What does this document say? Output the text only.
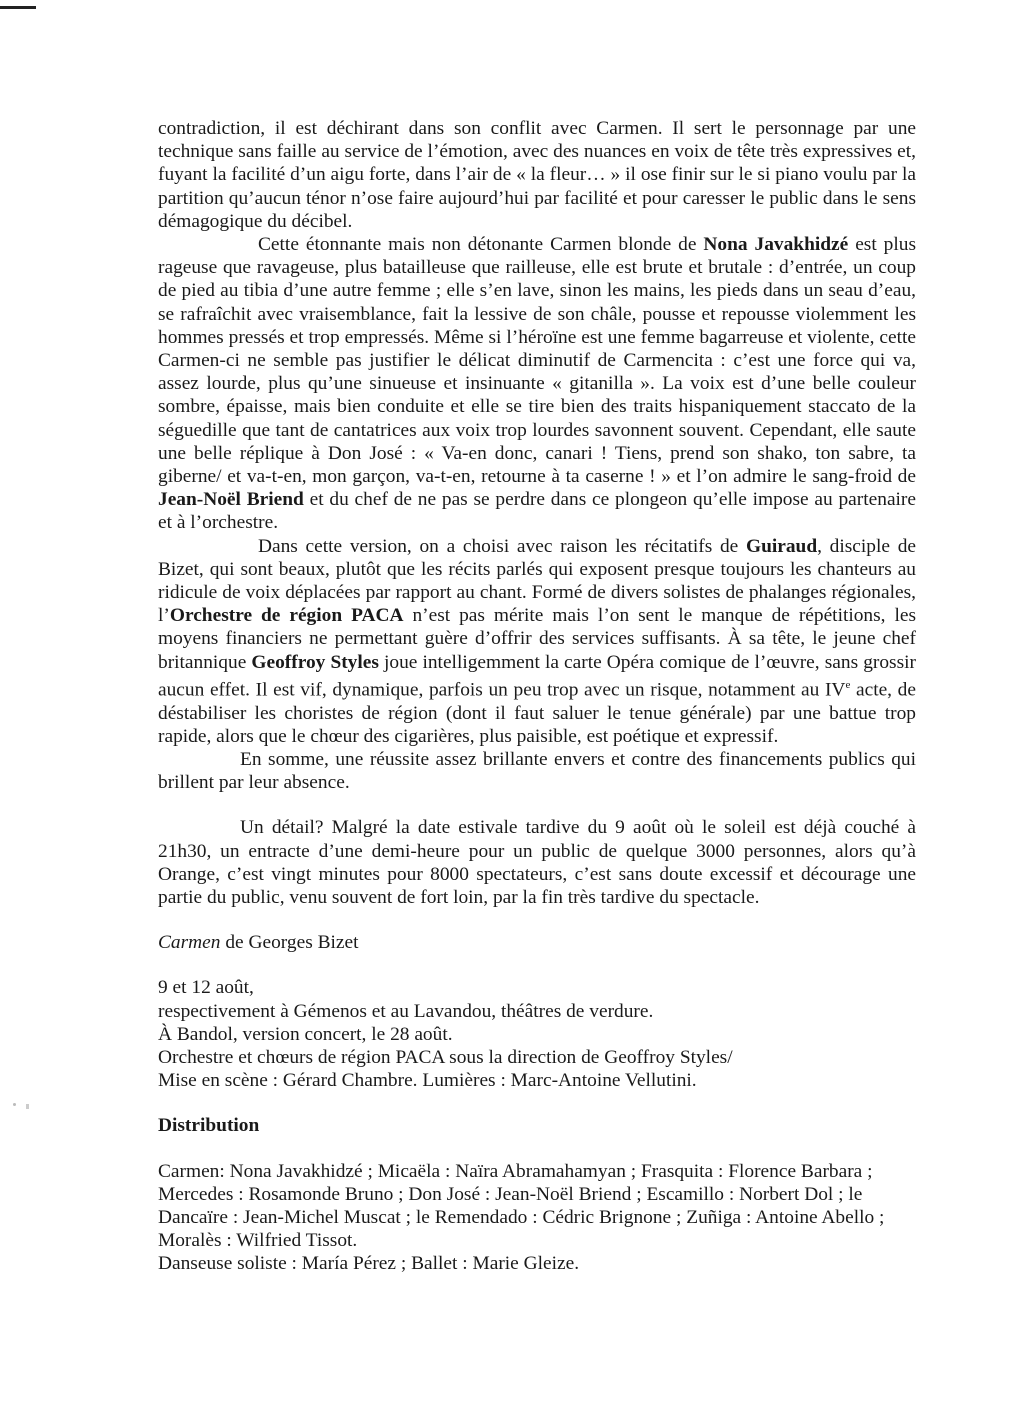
contradiction, il est déchirant dans son conflit avec Carmen. Il sert le personnage par une technique sans faille au service de l’émotion, avec des nuances en voix de tête très expressives et, fuyant la facilité d’un aigu forte, dans l’air de « la fleur… » il ose finir sur le si piano voulu par la partition qu’aucun ténor n’ose faire aujourd’hui par facilité et pour caresser le public dans le sens démagogique du décibel.

Cette étonnante mais non détonante Carmen blonde de Nona Javakhidzé est plus rageuse que ravageuse, plus batailleuse que railleuse, elle est brute et brutale : d’entrée, un coup de pied au tibia d’une autre femme ; elle s’en lave, sinon les mains, les pieds dans un seau d’eau, se rafraîchit avec vraisemblance, fait la lessive de son châle, pousse et repousse violemment les hommes pressés et trop empressés. Même si l’héroïne est une femme bagarreuse et violente, cette Carmen-ci ne semble pas justifier le délicat diminutif de Carmencita : c’est une force qui va, assez lourde, plus qu’une sinueuse et insinuante « gitanilla ». La voix est d’une belle couleur sombre, épaisse, mais bien conduite et elle se tire bien des traits hispaniquement staccato de la séguedille que tant de cantatrices aux voix trop lourdes savonnent souvent. Cependant, elle saute une belle réplique à Don José : « Va-en donc, canari ! Tiens, prend son shako, ton sabre, ta giberne/ et va-t-en, mon garçon, va-t-en, retourne à ta caserne ! » et l’on admire le sang-froid de Jean-Noël Briend et du chef de ne pas se perdre dans ce plongeon qu’elle impose au partenaire et à l’orchestre.

Dans cette version, on a choisi avec raison les récitatifs de Guiraud, disciple de Bizet, qui sont beaux, plutôt que les récits parlés qui exposent presque toujours les chanteurs au ridicule de voix déplacées par rapport au chant. Formé de divers solistes de phalanges régionales, l’Orchestre de région PACA n’est pas mérite mais l’on sent le manque de répétitions, les moyens financiers ne permettant guère d’offrir des services suffisants. À sa tête, le jeune chef britannique Geoffroy Styles joue intelligemment la carte Opéra comique de l’œuvre, sans grossir aucun effet. Il est vif, dynamique, parfois un peu trop avec un risque, notamment au IVe acte, de déstabiliser les choristes de région (dont il faut saluer le tenue générale) par une battue trop rapide, alors que le chœur des cigarières, plus paisible, est poétique et expressif.

En somme, une réussite assez brillante envers et contre des financements publics qui brillent par leur absence.

Un détail? Malgré la date estivale tardive du 9 août où le soleil est déjà couché à 21h30, un entracte d’une demi-heure pour un public de quelque 3000 personnes, alors qu’à Orange, c’est vingt minutes pour 8000 spectateurs, c’est sans doute excessif et décourage une partie du public, venu souvent de fort loin, par la fin très tardive du spectacle.

Carmen de Georges Bizet

9 et 12 août,

respectivement à Gémenos et au Lavandou, théâtres de verdure.

À Bandol, version concert, le 28 août.

Orchestre et chœurs de région PACA sous la direction de Geoffroy Styles/

Mise en scène : Gérard Chambre. Lumières : Marc-Antoine Vellutini.

Distribution

Carmen: Nona Javakhidzé ; Micaëla : Naïra Abramahamyan ; Frasquita : Florence Barbara ;

Mercedes : Rosamonde Bruno ; Don José : Jean-Noël Briend ; Escamillo : Norbert Dol ; le

Dancaïre : Jean-Michel Muscat ; le Remendado : Cédric Brignone ; Zuñiga : Antoine Abello ;

Moralès : Wilfried Tissot.

Danseuse soliste : María Pérez ; Ballet : Marie Gleize.
